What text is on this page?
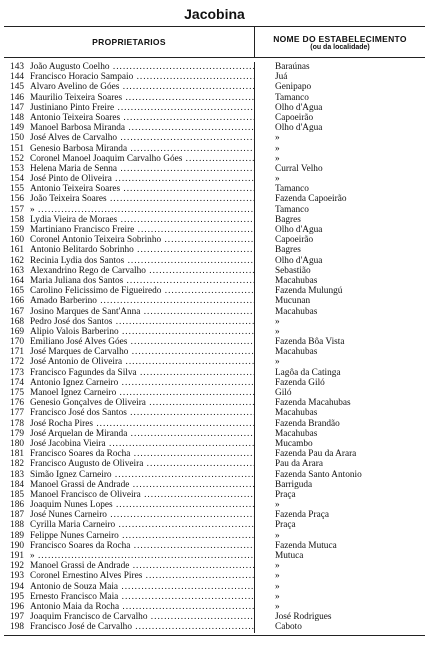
Jacobina
PROPRIETARIOS	NOME DO ESTABELECIMENTO
(ou da localidade)
143 João Augusto Coelho .....	Baraúnas
144 Francisco Horacio Sampaio .....	Juá
145 Alvaro Avelino de Góes .....	Genipapo
146 Maurilio Teixeira Soares .....	Tamanco
147 Justiniano Pinto Freire .....	Olho d'Agua
148 Antonio Teixeira Soares .....	Capoeirão
149 Manoel Barbosa Miranda .....	Olho d'Agua
150 José Alves de Carvalho .....	»
151 Genesio Barbosa Miranda .....	»
152 Coronel Manoel Joaquim Carvalho Góes .....	»
153 Helena Maria de Senna .....	Curral Velho
154 José Pinto de Oliveira .....	»
155 Antonio Teixeira Soares .....	Tamanco
156 João Teixeira Soares .....	Fazenda Capoeirão
157 » .....	Tamanco
158 Lydia Vieira de Moraes .....	Bagres
159 Martiniano Francisco Freire .....	Olho d'Agua
160 Coronel Antonio Teixeira Sobrinho .....	Capoeirão
161 Antonio Belitardo Sobrinho .....	Bagres
162 Recinia Lydia dos Santos .....	Olho d'Agua
163 Alexandrino Rego de Carvalho .....	Sebastião
164 Maria Juliana dos Santos .....	Macahubas
165 Carolino Felicissimo de Figueiredo .....	Fazenda Mulungú
166 Amado Barberino .....	Mucunan
167 Josino Marques de Sant'Anna .....	Macahubas
168 Pedro José dos Santos .....	»
169 Alipio Valois Barberino .....	»
170 Emiliano José Alves Góes .....	Fazenda Bôa Vista
171 José Marques de Carvalho .....	Macahubas
172 José Antonio de Oliveira .....	»
173 Francisco Fagundes da Silva .....	Lagôa da Catinga
174 Antonio Ignez Carneiro .....	Fazenda Giló
175 Manoel Ignez Carneiro .....	Giló
176 Genesio Gonçalves de Oliveira .....	Fazenda Macahubas
177 Francisco José dos Santos .....	Macahubas
178 José Rocha Pires .....	Fazenda Brandão
179 José Arquelan de Miranda .....	Macahubas
180 José Jacobina Vieira .....	Mucambo
181 Francisco Soares da Rocha .....	Fazenda Pau da Arara
182 Francisco Augusto de Oliveira .....	Pau da Arara
183 Simão Ignez Carneiro .....	Fazenda Santo Antonio
184 Manoel Grassi de Andrade .....	Barriguda
185 Manoel Francisco de Oliveira .....	Praça
186 Joaquim Nunes Lopes .....	»
187 José Nunes Carneiro .....	Fazenda Praça
188 Cyrilla Maria Carneiro .....	Praça
189 Felippe Nunes Carneiro .....	»
190 Francisco Soares da Rocha .....	Fazenda Mutuca
191 » .....	Mutuca
192 Manoel Grassi de Andrade .....	»
193 Coronel Ernestino Alves Pires .....	»
194 Antonio de Souza Maia .....	»
195 Ernesto Francisco Maia .....	»
196 Antonio Maia da Rocha .....	»
197 Joaquim Francisco de Carvalho .....	José Rodrigues
198 Francisco José de Carvalho .....	Caboto
